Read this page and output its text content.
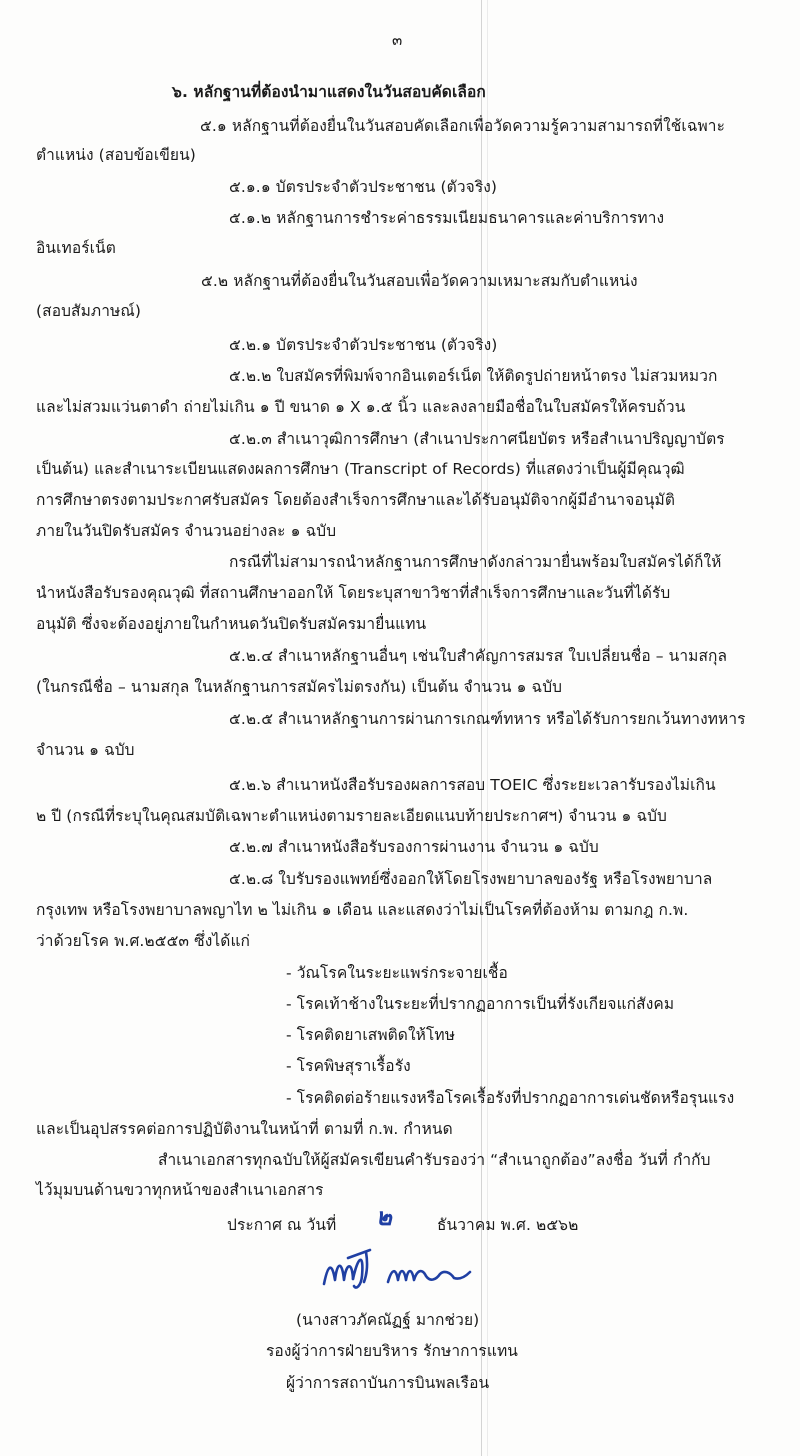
๓
๖. หลักฐานที่ต้องนำมาแสดงในวันสอบคัดเลือก
๕.๑ หลักฐานที่ต้องยื่นในวันสอบคัดเลือกเพื่อวัดความรู้ความสามารถที่ใช้เฉพาะ
ตำแหน่ง (สอบข้อเขียน)
๕.๑.๑ บัตรประจำตัวประชาชน (ตัวจริง)
๕.๑.๒ หลักฐานการชำระค่าธรรมเนียมธนาคารและค่าบริการทาง
อินเทอร์เน็ต
๕.๒ หลักฐานที่ต้องยื่นในวันสอบเพื่อวัดความเหมาะสมกับตำแหน่ง
(สอบสัมภาษณ์)
๕.๒.๑ บัตรประจำตัวประชาชน (ตัวจริง)
๕.๒.๒ ใบสมัครที่พิมพ์จากอินเตอร์เน็ต ให้ติดรูปถ่ายหน้าตรง ไม่สวมหมวก
และไม่สวมแว่นตาดำ ถ่ายไม่เกิน ๑ ปี ขนาด ๑ X ๑.๕ นิ้ว และลงลายมือชื่อในใบสมัครให้ครบถ้วน
๕.๒.๓ สำเนาวุฒิการศึกษา (สำเนาประกาศนียบัตร หรือสำเนาปริญญาบัตร
เป็นต้น) และสำเนาระเบียนแสดงผลการศึกษา (Transcript of Records) ที่แสดงว่าเป็นผู้มีคุณวุฒิ
การศึกษาตรงตามประกาศรับสมัคร โดยต้องสำเร็จการศึกษาและได้รับอนุมัติจากผู้มีอำนาจอนุมัติ
ภายในวันปิดรับสมัคร จำนวนอย่างละ ๑ ฉบับ
กรณีที่ไม่สามารถนำหลักฐานการศึกษาดังกล่าวมายื่นพร้อมใบสมัครได้ก็ให้
นำหนังสือรับรองคุณวุฒิ ที่สถานศึกษาออกให้ โดยระบุสาขาวิชาที่สำเร็จการศึกษาและวันที่ได้รับ
อนุมัติ ซึ่งจะต้องอยู่ภายในกำหนดวันปิดรับสมัครมายื่นแทน
๕.๒.๔ สำเนาหลักฐานอื่นๆ เช่นใบสำคัญการสมรส ใบเปลี่ยนชื่อ – นามสกุล
(ในกรณีชื่อ – นามสกุล ในหลักฐานการสมัครไม่ตรงกัน) เป็นต้น จำนวน ๑ ฉบับ
๕.๒.๕ สำเนาหลักฐานการผ่านการเกณฑ์ทหาร หรือได้รับการยกเว้นทางทหาร
จำนวน ๑ ฉบับ
๕.๒.๖ สำเนาหนังสือรับรองผลการสอบ TOEIC ซึ่งระยะเวลารับรองไม่เกิน
๒ ปี (กรณีที่ระบุในคุณสมบัติเฉพาะตำแหน่งตามรายละเอียดแนบท้ายประกาศฯ) จำนวน ๑ ฉบับ
๕.๒.๗ สำเนาหนังสือรับรองการผ่านงาน จำนวน ๑ ฉบับ
๕.๒.๘ ใบรับรองแพทย์ซึ่งออกให้โดยโรงพยาบาลของรัฐ หรือโรงพยาบาล
กรุงเทพ หรือโรงพยาบาลพญาไท ๒ ไม่เกิน ๑ เดือน และแสดงว่าไม่เป็นโรคที่ต้องห้าม ตามกฎ ก.พ.
ว่าด้วยโรค พ.ศ.๒๕๕๓ ซึ่งได้แก่
- วัณโรคในระยะแพร่กระจายเชื้อ
- โรคเท้าช้างในระยะที่ปรากฏอาการเป็นที่รังเกียจแก่สังคม
- โรคติดยาเสพติดให้โทษ
- โรคพิษสุราเรื้อรัง
- โรคติดต่อร้ายแรงหรือโรคเรื้อรังที่ปรากฏอาการเด่นชัดหรือรุนแรง
และเป็นอุปสรรคต่อการปฏิบัติงานในหน้าที่ ตามที่ ก.พ. กำหนด
สำเนาเอกสารทุกฉบับให้ผู้สมัครเขียนคำรับรองว่า “สำเนาถูกต้อง”ลงชื่อ วันที่ กำกับ
ไว้มุมบนด้านขวาทุกหน้าของสำเนาเอกสาร
ประกาศ ณ วันที่ ๒	ธันวาคม พ.ศ. ๒๕๖๒
(นางสาวภัคณัฏฐ์ มากช่วย)
รองผู้ว่าการฝ่ายบริหาร รักษาการแทน
ผู้ว่าการสถาบันการบินพลเรือน
